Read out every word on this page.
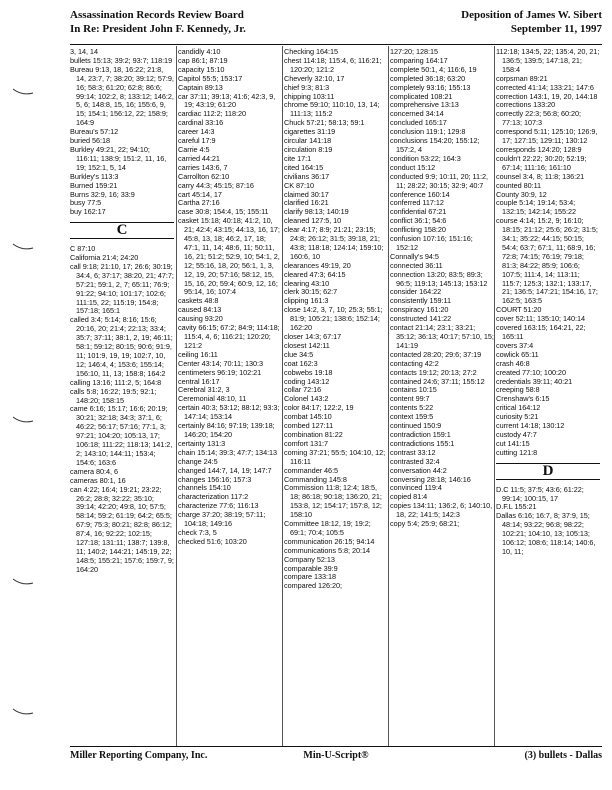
Assassination Records Review Board
In Re: President John F. Kennedy, Jr.
Deposition of James W. Sibert
September 11, 1997
3, 14, 14
bullets 15:13; 39:2; 93:7; 118:19
Bureau 9:13, 18, 16:22; 21:8, 14, 23:7, 7; 38:20; 39:12; 57:9, 16; 58:3; 61:20; 62:8; 86:6; 99:14; 102:2, 8; 133:12; 146:2, 5, 6; 148:8, 15, 16; 155:6, 9, 15; 154:1; 156:12, 22; 158:9; 164:9
Bureau's 57:12
buried 56:18
Burkley 49:21, 22; 94:10; 116:11; 138:9; 151:2, 11, 16, 19; 152:1, 5, 14
Burkley's 113:3
Burned 159:21
Burns 32:9, 16; 33:9
busy 77:5
buy 162:17
C
C 87:10
California 21:4; 24:20
call 9:18; 21:10, 17; 26:6; 30:19; 34:4, 6; 37:17; 38:20, 21; 47:7; 57:21; 59:1, 2, 7; 65:11; 76:9; 91:22; 94:10; 101:17; 102:6; 111:15, 22; 115:19; 154:8; 157:18; 165:1
called 3:4; 5:14; 8:16; 15:6; 20:16, 20; 21:4; 22:13; 33:4; 35:7; 37:11; 38:1, 2, 19; 46:11; 58:1; 59:12; 80:15; 90:6; 91:9, 11; 101:9, 19, 19; 102:7, 10, 12; 146:4, 4; 153:6; 155:14; 156:10, 11, 13; 158:8; 164:2
calling 13:16; 111:2, 5; 164:8
calls 5:8; 16:22; 19:5; 92:1; 148:20; 158:15
came 6:16; 15:17; 16:6; 20:19; 30:21; 32:18; 34:3; 37:1, 6; 46:22; 56:17; 57:16; 77:1, 3; 97:21; 104:20; 105:13, 17; 106:18; 111:22; 118:13; 141:2, 2; 143:10; 144:11; 153:4; 154:6; 163:6
camera 80:4, 6
cameras 80:1, 16
can 4:22; 16:4; 19:21; 23:22; 26:2; 28:8; 32:22; 35:10; 39:14; 42:20; 49:8, 10; 57:5; 58:14; 59:2; 61:19; 64:2; 65:5; 67:9; 75:3; 80:21; 82:8; 86:12; 87:4, 16; 92:22; 102:15; 127:18; 131:11; 138:7; 139:8, 11; 140:2; 144:21; 145:19, 22; 148:5; 155:21; 157:6; 159:7, 9; 164:20
candidly 4:10
cap 86:1; 87:19
capacity 15:10
Capitol 55:5; 153:17
Captain 89:13
car 37:11; 39:13; 41:6; 42:3, 9, 19; 43:19; 61:20
cardiac 112:2; 118:20
cardinal 33:16
career 14:3
careful 17:9
Carrie 4:5
carried 44:21
carries 143:6, 7
Carrollton 62:10
carry 44:3; 45:15; 87:16
cart 45:14, 17
Cartha 27:16
case 30:8; 154:4, 15; 155:11
casket 15:18; 40:18; 41:2, 10, 21; 42:4; 43:15; 44:13, 16, 17; 45:8, 13, 18; 46:2, 17, 18; 47:1, 11, 14; 48:6, 11; 50:11, 16, 21; 51:2; 52:9, 10; 54:1, 2, 12; 55:16, 18, 20; 56:1, 1, 3, 12, 19, 20; 57:16; 58:12, 15, 15, 16, 20; 59:4; 60:9, 12, 16; 95:14, 16; 107:4
caskets 48:8
caused 84:13
causing 93:20
cavity 66:15; 67:2; 84:9; 114:18; 115:4, 4, 6; 116:21; 120:20; 121:2
ceiling 16:11
Center 43:14; 70:11; 130:3
centimeters 96:19; 102:21
central 16:17
Cerebral 31:2, 3
Ceremonial 48:10, 11
certain 40:3; 53:12; 88:12; 93:3; 147:14; 153:14
certainly 84:16; 97:19; 139:18; 146:20; 154:20
certainty 131:3
chain 15:14; 39:3; 47:7; 134:13
change 24:5
changed 144:7, 14, 19; 147:7
changes 156:16; 157:3
channels 154:10
characterization 117:2
characterize 77:6; 116:13
charge 37:20; 38:19; 57:11; 104:18; 149:16
check 7:3, 5
checked 51:6; 103:20
Checking 164:15
chest 114:18; 115:4, 6; 116:21; 120:20; 121:2
Cheverly 32:10, 17
chief 9:3; 81:3
chipping 103:11
chrome 59:10; 110:10, 13, 14; 111:13; 115:2
Chuck 57:21; 58:13; 59:1
cigarettes 31:19
circular 141:18
circulation 8:19
cite 17:1
cited 164:15
civilians 36:17
CK 87:10
claimed 30:17
clarified 16:21
clarify 98:13; 140:19
cleaned 127:5, 10
clear 4:17; 8:9; 21:21; 23:15; 24:8; 26:12; 31:5; 39:18, 21; 43:8; 118:18; 124:14; 159:10; 160:6, 10
clearances 49:19, 20
cleared 47:3; 64:15
clearing 43:10
clerk 30:15; 62:7
clipping 161:3
close 14:2, 3, 7, 10; 25:3; 55:1; 81:9; 105:21; 138:6; 152:14; 162:20
closer 14:3; 67:17
closest 142:11
clue 34:5
coat 162:3
cobwebs 19:18
coding 143:12
collar 72:16
Colonel 143:2
color 84:17; 122:2, 19
combat 145:10
combed 127:11
combination 81:22
comfort 131:7
coming 37:21; 55:5; 104:10, 12; 116:11
commander 46:5
Commanding 145:8
Commission 11:8; 12:4; 18:5, 18; 86:18; 90:18; 136:20, 21; 153:8, 12; 154:17; 157:8, 12; 158:10
Committee 18:12, 19; 19:2; 69:1; 70:4; 105:5
communication 26:15; 94:14
communications 5:8; 20:14
Company 52:13
comparable 39:9
compare 133:18
compared 126:20;
127:20; 128:15
comparing 164:17
complete 50:1, 4; 116:6, 19
completed 36:18; 63:20
completely 93:16; 155:13
complicated 108:21
comprehensive 13:13
concerned 34:14
concluded 165:17
conclusion 119:1; 129:8
conclusions 154:20; 155:12; 157:2, 4
condition 53:22; 164:3
conduct 15:12
conducted 9:9; 10:11, 20; 11:2, 11; 28:22; 30:15; 32:9; 40:7
conference 160:14
conferred 117:12
confidential 67:21
conflict 36:1; 54:6
conflicting 158:20
confusion 107:16; 151:16; 152:12
Connally's 94:5
connected 36:11
connection 13:20; 83:5; 89:3; 96:5; 119:13; 145:13; 153:12
consider 164:22
consistently 159:11
conspiracy 161:20
constructed 141:22
contact 21:14; 23:1; 33:21; 35:12; 36:13; 40:17; 57:10, 15; 141:19
contacted 28:20; 29:6; 37:19
contacting 42:2
contacts 19:12; 20:13; 27:2
contained 24:6; 37:11; 155:12
contains 10:15
content 99:7
contents 5:22
context 159:5
continued 150:9
contradiction 159:1
contradictions 155:1
contrast 33:12
contrasted 32:4
conversation 44:2
conversing 28:18; 146:16
convinced 119:4
copied 81:4
copies 134:11; 136:2, 6; 140:10, 18, 22; 141:5; 142:3
copy 5:4; 25:9; 68:21;
112:18; 134:5, 22; 135:4, 20, 21; 136:5; 139:5; 147:18, 21; 158:4
corpsman 89:21
corrected 41:14; 133:21; 147:6
correction 143:1, 19, 20, 144:18
corrections 133:20
correctly 22:3; 56:8; 60:20; 77:13; 107:3
correspond 5:11; 125:10; 126:9, 17; 127:15; 129:11; 130:12
corresponds 124:20; 128:9
couldn't 22:22; 30:20; 52:19; 67:14; 111:16; 161:10
counsel 3:4, 8; 11:8; 136:21
counted 80:11
County 30:9, 12
couple 5:14; 19:14; 53:4; 132:15; 142:14; 155:22
course 4:14; 15:2, 9; 16:10; 18:15; 21:12; 25:6; 26:2; 31:5; 34:1; 35:22; 44:15; 50:15; 54:4; 63:7; 67:1, 11; 68:9, 16; 72:8; 74:15; 76:19; 79:18; 81:3; 84:22; 85:9; 106:6; 107:5; 111:4, 14; 113:11; 115:7; 125:3; 132:1; 133:17, 21; 136:5; 147:21; 154:16, 17; 162:5; 163:5
COURT 51:20
cover 52:11; 135:10; 140:14
covered 163:15; 164:21, 22; 165:11
covers 37:4
cowlick 65:11
crash 46:8
created 77:10; 100:20
credentials 39:11; 40:21
creeping 58:8
Crenshaw's 6:15
critical 164:12
curiosity 5:21
current 14:18; 130:12
custody 47:7
cut 141:15
cutting 121:8
D
D.C 11:5; 37:5; 43:6; 61:22; 99:14; 100:15, 17
D.F.L 155:21
Dallas 6:16; 16:7, 8; 37:9, 15; 48:14; 93:22; 96:8; 98:22; 102:21; 104:10, 13; 105:13; 106:12; 108:6; 118:14; 140:6, 10, 11;
Miller Reporting Company, Inc.	Min-U-Script®	(3) bullets - Dallas
